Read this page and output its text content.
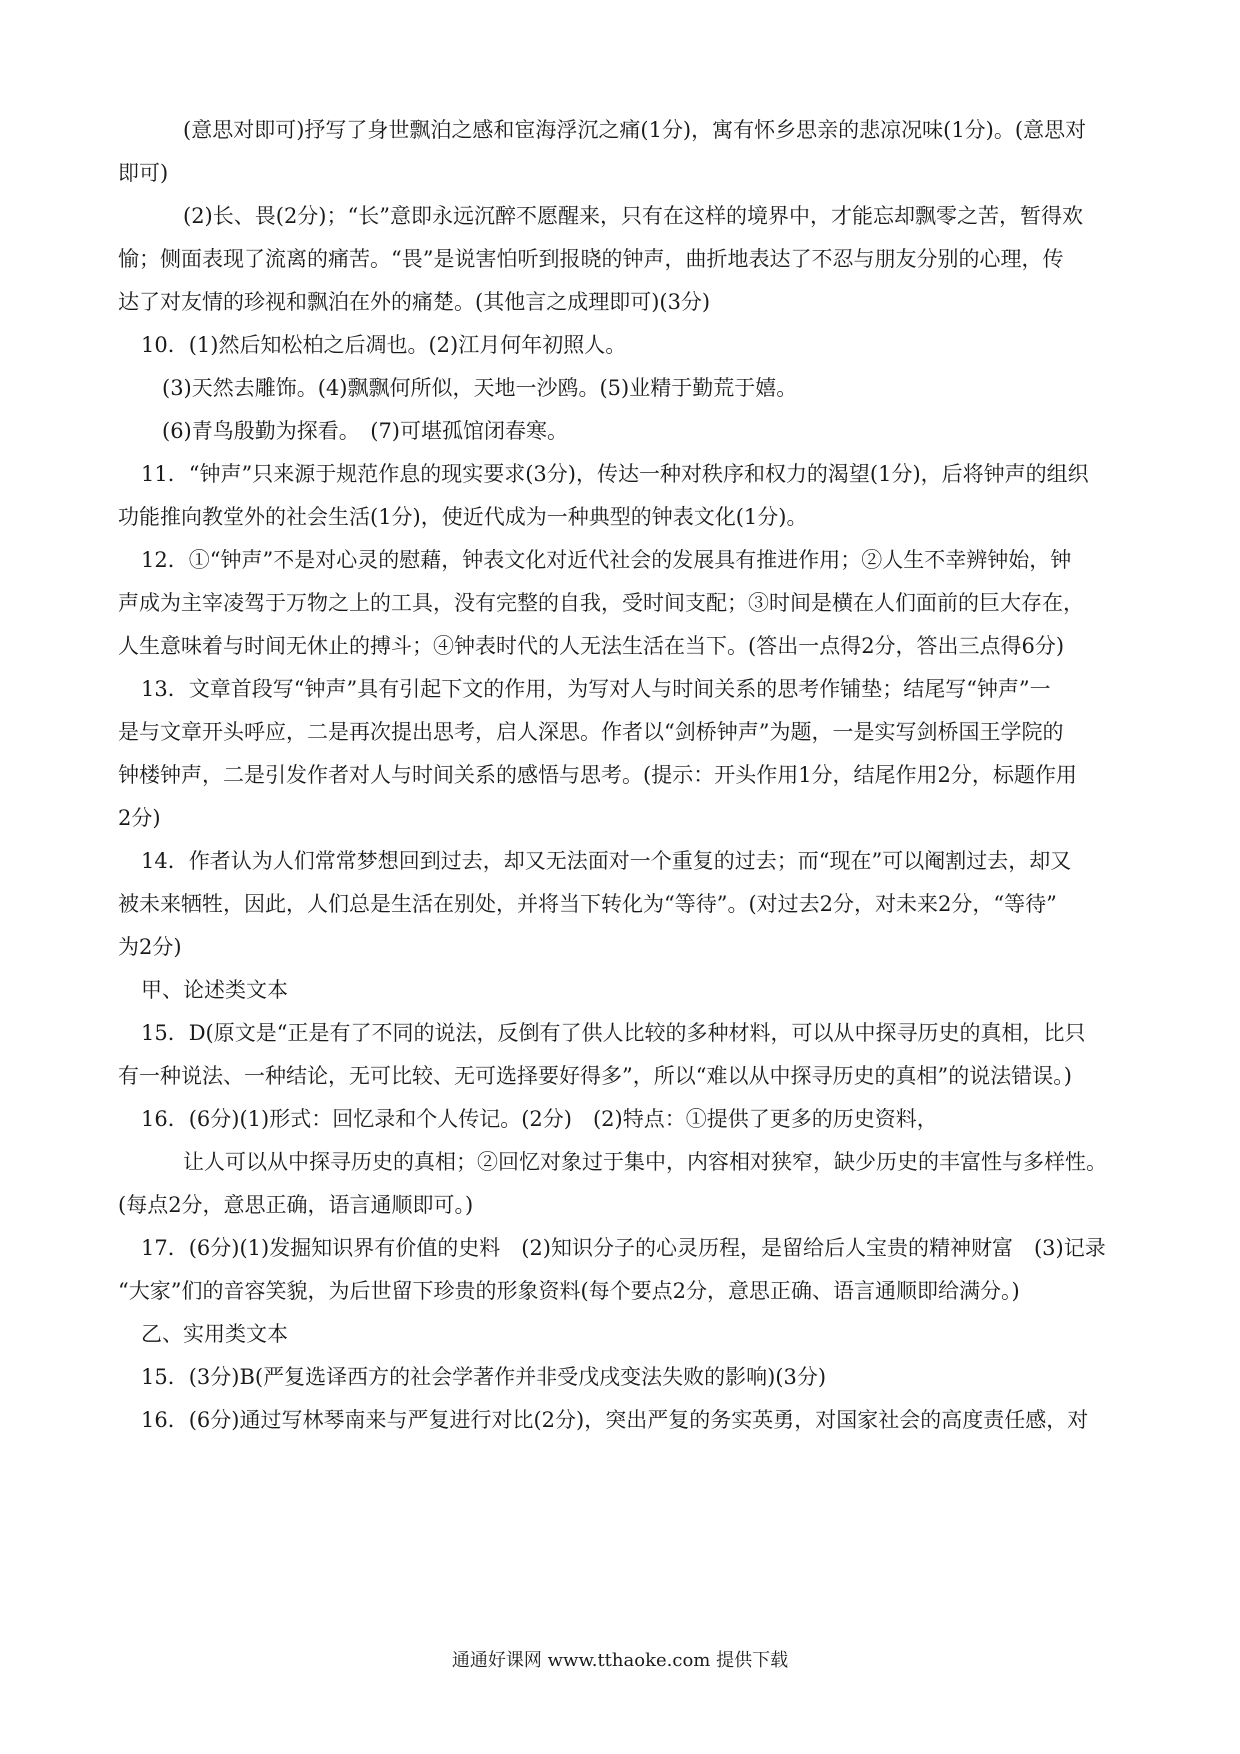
(意思对即可)抒写了身世飘泊之感和宦海浮沉之痛(1分)，寓有怀乡思亲的悲凉况味(1分)。(意思对
即可)
(2)长、畏(2分)；“长”意即永远沉醉不愿醒来，只有在这样的境界中，才能忘却飘零之苦，暂得欢
愉；侧面表现了流离的痛苦。“畏”是说害怕听到报晓的钟声，曲折地表达了不忍与朋友分别的心理，传
达了对友情的珍视和飘泊在外的痛楚。(其他言之成理即可)(3分)
10．(1)然后知松柏之后凋也。(2)江月何年初照人。
(3)天然去雕饰。(4)飘飘何所似，天地一沙鸥。(5)业精于勤荒于嬉。
(6)青鸟殷勤为探看。　(7)可堪孤馆闭春寒。
11．“钟声”只来源于规范作息的现实要求(3分)，传达一种对秩序和权力的渴望(1分)，后将钟声的组织
功能推向教堂外的社会生活(1分)，使近代成为一种典型的钟表文化(1分)。
12．①“钟声”不是对心灵的慰藉，钟表文化对近代社会的发展具有推进作用；②人生不幸辨钟始，钟
声成为主宰凌驾于万物之上的工具，没有完整的自我，受时间支配；③时间是横在人们面前的巨大存在，
人生意味着与时间无休止的搏斗；④钟表时代的人无法生活在当下。(答出一点得2分，答出三点得6分)
13．文章首段写“钟声”具有引起下文的作用，为写对人与时间关系的思考作铺垫；结尾写“钟声”一
是与文章开头呼应，二是再次提出思考，启人深思。作者以“剑桥钟声”为题，一是实写剑桥国王学院的
钟楼钟声，二是引发作者对人与时间关系的感悟与思考。(提示：开头作用1分，结尾作用2分，标题作用
2分)
14．作者认为人们常常梦想回到过去，却又无法面对一个重复的过去；而“现在”可以阉割过去，却又
被未来牺牲，因此，人们总是生活在别处，并将当下转化为“等待”。(对过去2分，对未来2分，“等待”
为2分)
甲、论述类文本
15．D(原文是“正是有了不同的说法，反倒有了供人比较的多种材料，可以从中探寻历史的真相，比只
有一种说法、一种结论，无可比较、无可选择要好得多”，所以“难以从中探寻历史的真相”的说法错误。)
16．(6分)(1)形式：回忆录和个人传记。(2分)　(2)特点：①提供了更多的历史资料，
让人可以从中探寻历史的真相；②回忆对象过于集中，内容相对狭窄，缺少历史的丰富性与多样性。
(每点2分，意思正确，语言通顺即可。)
17．(6分)(1)发掘知识界有价值的史料　(2)知识分子的心灵历程，是留给后人宝贵的精神财富　(3)记录
“大家”们的音容笑貌，为后世留下珍贵的形象资料(每个要点2分，意思正确、语言通顺即给满分。)
乙、实用类文本
15．(3分)B(严复选译西方的社会学著作并非受戊戌变法失败的影响)(3分)
16．(6分)通过写林琴南来与严复进行对比(2分)，突出严复的务实英勇，对国家社会的高度责任感，对
通通好课网 www.tthaoke.com 提供下载
